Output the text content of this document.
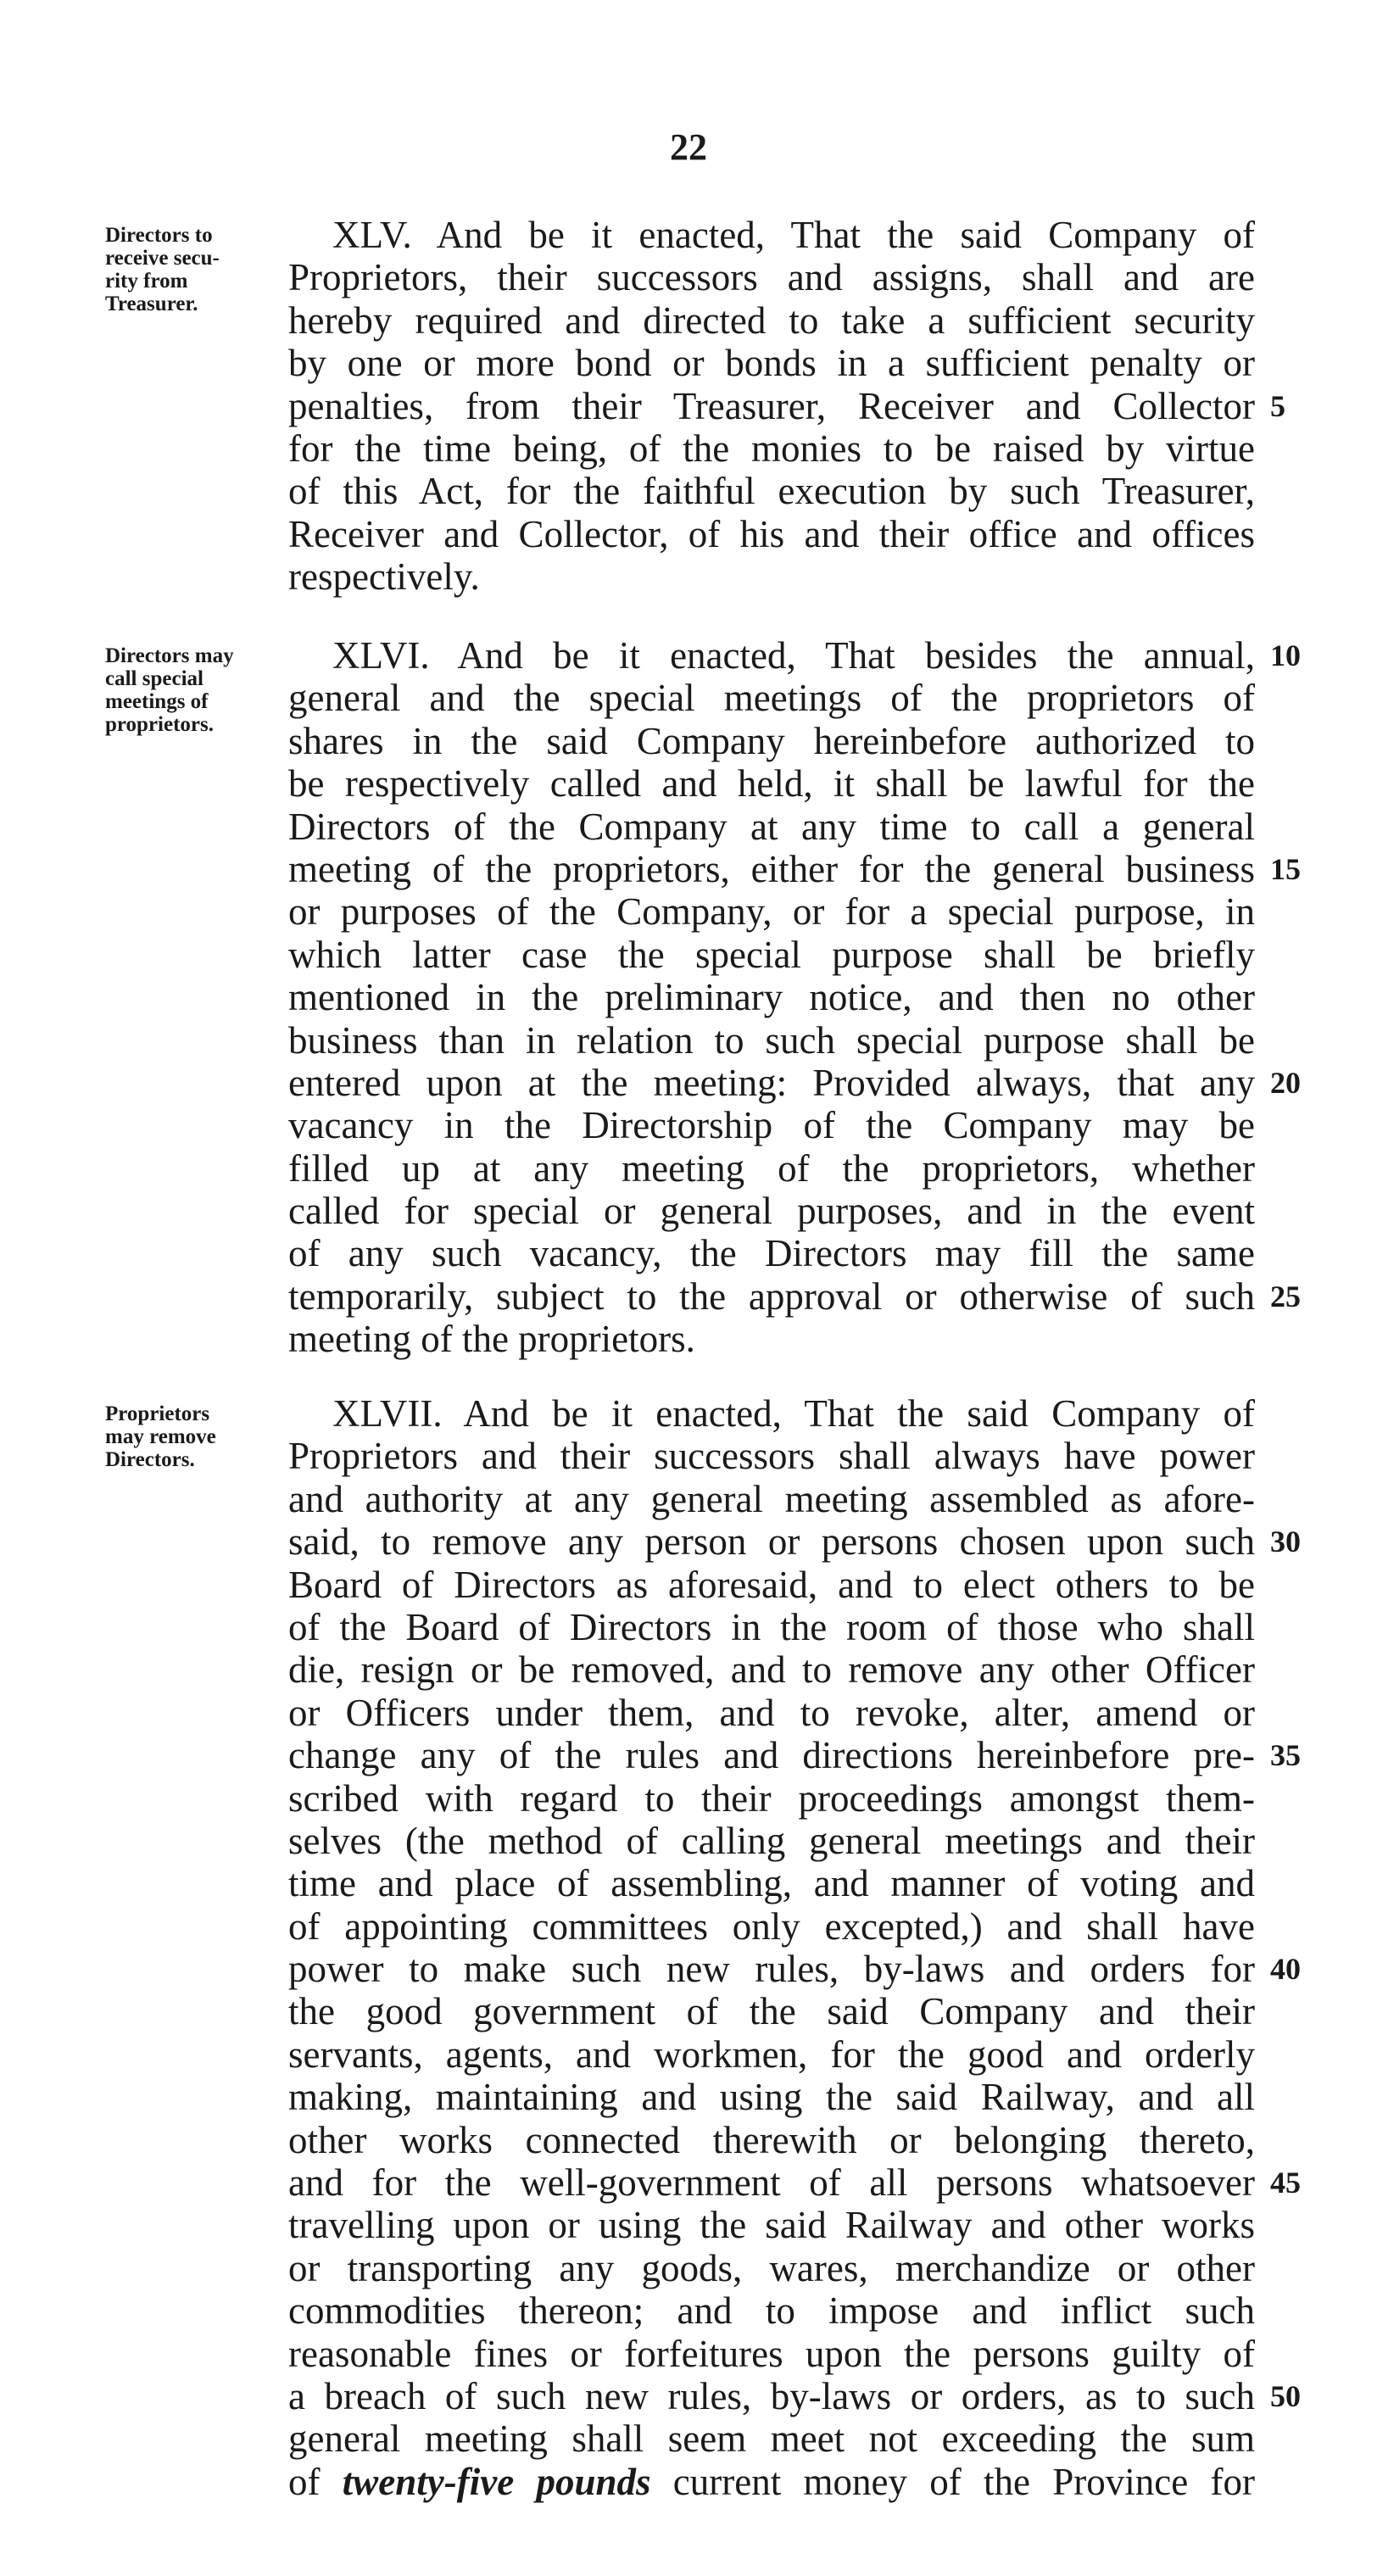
22
Directors to
receive secu-
rity from
Treasurer.
XLV. And be it enacted, That the said Company of
Proprietors, their successors and assigns, shall and are
hereby required and directed to take a sufficient security
by one or more bond or bonds in a sufficient penalty or
penalties, from their Treasurer, Receiver and Collector
for the time being, of the monies to be raised by virtue
of this Act, for the faithful execution by such Treasurer,
Receiver and Collector, of his and their office and offices
respectively.
5
Directors may
call special
meetings of
proprietors.
XLVI. And be it enacted, That besides the annual,
general and the special meetings of the proprietors of
shares in the said Company hereinbefore authorized to
be respectively called and held, it shall be lawful for the
Directors of the Company at any time to call a general
meeting of the proprietors, either for the general business
or purposes of the Company, or for a special purpose, in
which latter case the special purpose shall be briefly
mentioned in the preliminary notice, and then no other
business than in relation to such special purpose shall be
entered upon at the meeting: Provided always, that any
vacancy in the Directorship of the Company may be
filled up at any meeting of the proprietors, whether
called for special or general purposes, and in the event
of any such vacancy, the Directors may fill the same
temporarily, subject to the approval or otherwise of such
meeting of the proprietors.
10
15
20
25
Proprietors
may remove
Directors.
XLVII. And be it enacted, That the said Company of
Proprietors and their successors shall always have power
and authority at any general meeting assembled as afore-
said, to remove any person or persons chosen upon such
Board of Directors as aforesaid, and to elect others to be
of the Board of Directors in the room of those who shall
die, resign or be removed, and to remove any other Officer
or Officers under them, and to revoke, alter, amend or
change any of the rules and directions hereinbefore pre-
scribed with regard to their proceedings amongst them-
selves (the method of calling general meetings and their
time and place of assembling, and manner of voting and
of appointing committees only excepted,) and shall have
power to make such new rules, by-laws and orders for
the good government of the said Company and their
servants, agents, and workmen, for the good and orderly
making, maintaining and using the said Railway, and all
other works connected therewith or belonging thereto,
and for the well-government of all persons whatsoever
travelling upon or using the said Railway and other works
or transporting any goods, wares, merchandize or other
commodities thereon; and to impose and inflict such
reasonable fines or forfeitures upon the persons guilty of
a breach of such new rules, by-laws or orders, as to such
general meeting shall seem meet not exceeding the sum
of twenty-five pounds current money of the Province for
30
35
40
45
50
